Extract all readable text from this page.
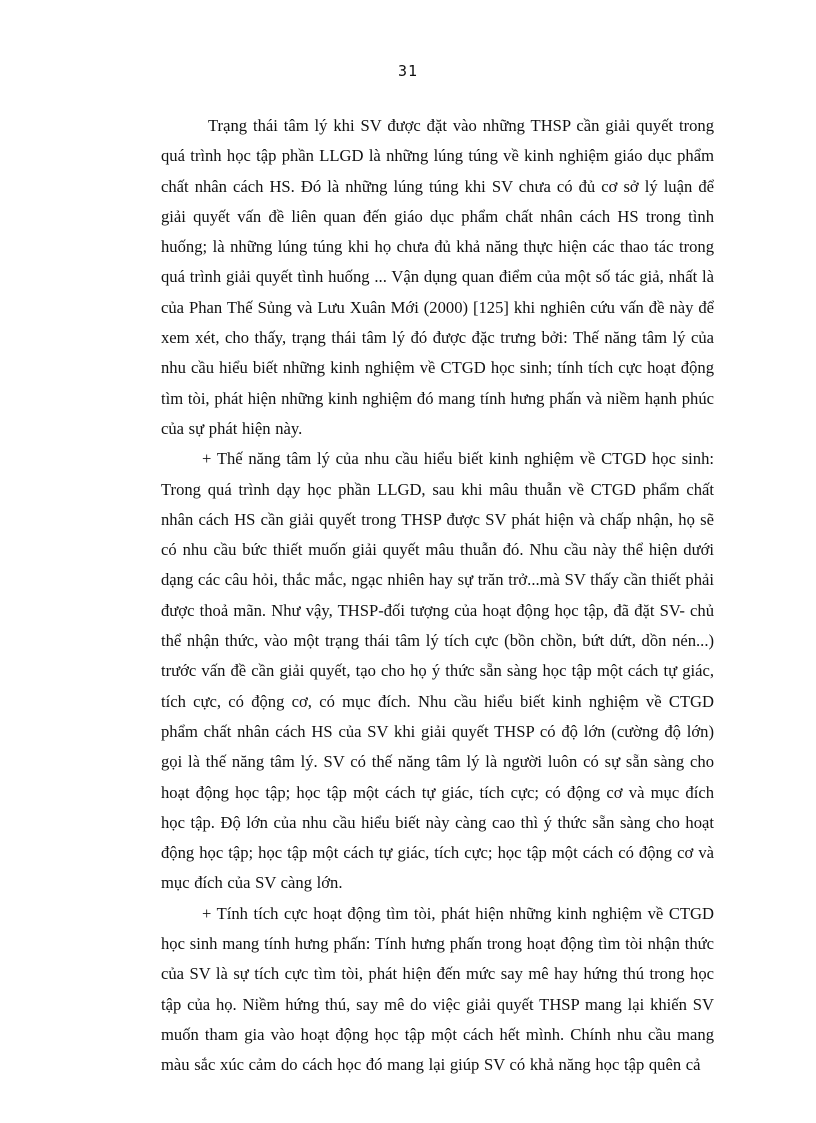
31

Trạng thái tâm lý khi SV được đặt vào những THSP cần giải quyết trong quá trình học tập phần LLGD là những lúng túng về kinh nghiệm giáo dục phẩm chất nhân cách HS. Đó là những lúng túng khi SV chưa có đủ cơ sở lý luận để giải quyết vấn đề liên quan đến giáo dục phẩm chất nhân cách HS trong tình huống; là những lúng túng khi họ chưa đủ khả năng thực hiện các thao tác trong quá trình giải quyết tình huống ... Vận dụng quan điểm của một số tác giả, nhất là của Phan Thế Sủng và Lưu Xuân Mới (2000) [125] khi nghiên cứu vấn đề này để xem xét, cho thấy, trạng thái tâm lý đó được đặc trưng bởi: Thế năng tâm lý của nhu cầu hiểu biết những kinh nghiệm về CTGD học sinh; tính tích cực hoạt động tìm tòi, phát hiện những kinh nghiệm đó mang tính hưng phấn và niềm hạnh phúc của sự phát hiện này.

+ Thế năng tâm lý của nhu cầu hiểu biết kinh nghiệm về CTGD học sinh: Trong quá trình dạy học phần LLGD, sau khi mâu thuẫn về CTGD phẩm chất nhân cách HS cần giải quyết trong THSP được SV phát hiện và chấp nhận, họ sẽ có nhu cầu bức thiết muốn giải quyết mâu thuẫn đó. Nhu cầu này thể hiện dưới dạng các câu hỏi, thắc mắc, ngạc nhiên hay sự trăn trở...mà SV thấy cần thiết phải được thoả mãn. Như vậy, THSP-đối tượng của hoạt động học tập, đã đặt SV- chủ thể nhận thức, vào một trạng thái tâm lý tích cực (bồn chồn, bứt dứt, dồn nén...) trước vấn đề cần giải quyết, tạo cho họ ý thức sẵn sàng học tập một cách tự giác, tích cực, có động cơ, có mục đích. Nhu cầu hiểu biết kinh nghiệm về CTGD phẩm chất nhân cách HS của SV khi giải quyết THSP có độ lớn (cường độ lớn) gọi là thế năng tâm lý. SV có thế năng tâm lý là người luôn có sự sẵn sàng cho hoạt động học tập; học tập một cách tự giác, tích cực; có động cơ và mục đích học tập. Độ lớn của nhu cầu hiểu biết này càng cao thì ý thức sẵn sàng cho hoạt động học tập; học tập một cách tự giác, tích cực; học tập một cách có động cơ và mục đích của SV càng lớn.

+ Tính tích cực hoạt động tìm tòi, phát hiện những kinh nghiệm về CTGD học sinh mang tính hưng phấn: Tính hưng phấn trong hoạt động tìm tòi nhận thức của SV là sự tích cực tìm tòi, phát hiện đến mức say mê hay hứng thú trong học tập của họ. Niềm hứng thú, say mê do việc giải quyết THSP mang lại khiến SV muốn tham gia vào hoạt động học tập một cách hết mình. Chính nhu cầu mang màu sắc xúc cảm do cách học đó mang lại giúp SV có khả năng học tập quên cả
